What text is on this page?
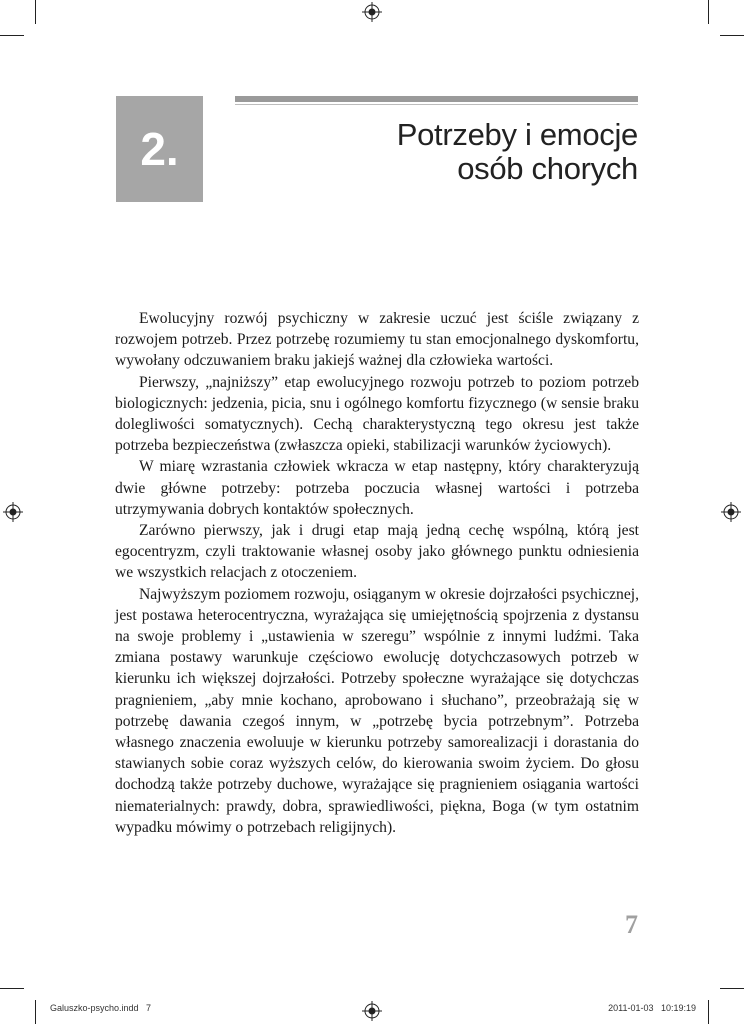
2.	Potrzeby i emocje
osób chorych

Ewolucyjny rozwój psychiczny w zakresie uczuć jest ściśle związany z rozwojem potrzeb. Przez potrzebę rozumiemy tu stan emocjonalnego dyskomfortu, wywołany odczuwaniem braku jakiejś ważnej dla człowieka wartości.

Pierwszy, „najniższy” etap ewolucyjnego rozwoju potrzeb to poziom potrzeb biologicznych: jedzenia, picia, snu i ogólnego komfortu fizycznego (w sensie braku dolegliwości somatycznych). Cechą charakterystyczną tego okresu jest także potrzeba bezpieczeństwa (zwłaszcza opieki, stabilizacji warunków życiowych).

W miarę wzrastania człowiek wkracza w etap następny, który charakteryzują dwie główne potrzeby: potrzeba poczucia własnej wartości i potrzeba utrzymywania dobrych kontaktów społecznych.

Zarówno pierwszy, jak i drugi etap mają jedną cechę wspólną, którą jest egocentryzm, czyli traktowanie własnej osoby jako głównego punktu odniesienia we wszystkich relacjach z otoczeniem.

Najwyższym poziomem rozwoju, osiąganym w okresie dojrzałości psychicznej, jest postawa heterocentryczna, wyrażająca się umiejętnością spojrzenia z dystansu na swoje problemy i „ustawienia w szeregu” wspólnie z innymi ludźmi. Taka zmiana postawy warunkuje częściowo ewolucję dotychczasowych potrzeb w kierunku ich większej dojrzałości. Potrzeby społeczne wyrażające się dotychczas pragnieniem, „aby mnie kochano, aprobowano i słuchano”, przeobrażają się w potrzebę dawania czegoś innym, w „potrzebę bycia potrzebnym”. Potrzeba własnego znaczenia ewoluuje w kierunku potrzeby samorealizacji i dorastania do stawianych sobie coraz wyższych celów, do kierowania swoim życiem. Do głosu dochodzą także potrzeby duchowe, wyrażające się pragnieniem osiągania wartości niematerialnych: prawdy, dobra, sprawiedliwości, piękna, Boga (w tym ostatnim wypadku mówimy o potrzebach religijnych).

7
Galuszko-psycho.indd   7	2011-01-03   10:19:19
